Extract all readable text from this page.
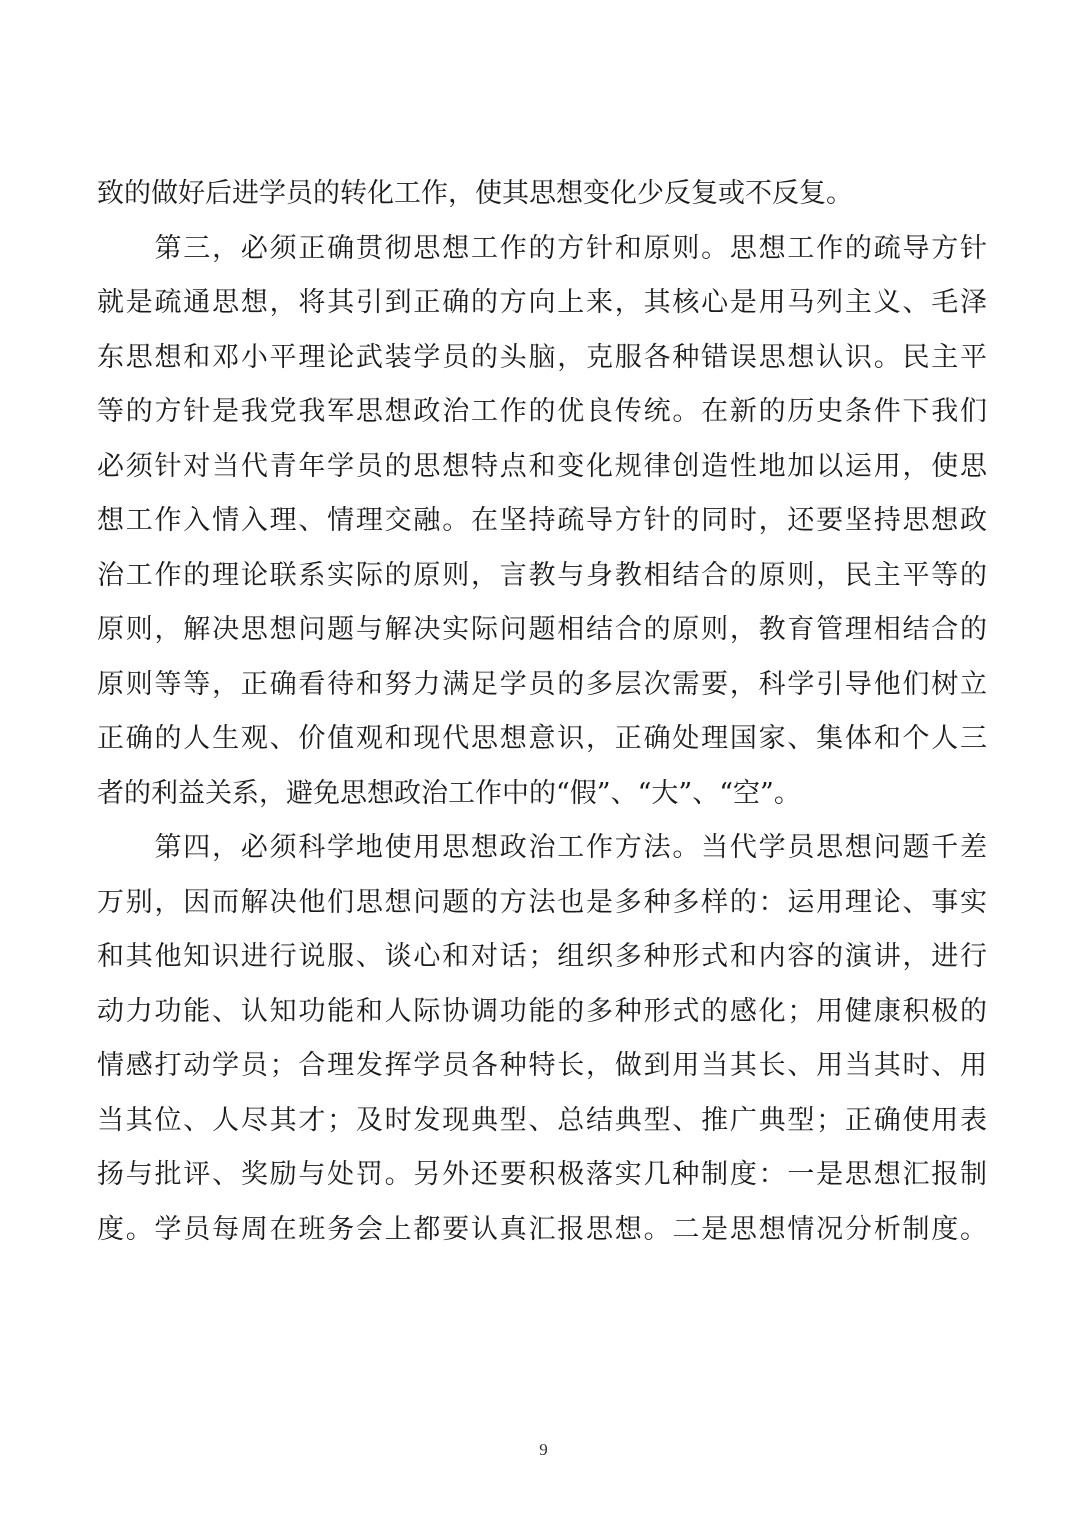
致的做好后进学员的转化工作，使其思想变化少反复或不反复。
　　第三，必须正确贯彻思想工作的方针和原则。思想工作的疏导方针
就是疏通思想，将其引到正确的方向上来，其核心是用马列主义、毛泽
东思想和邓小平理论武装学员的头脑，克服各种错误思想认识。民主平
等的方针是我党我军思想政治工作的优良传统。在新的历史条件下我们
必须针对当代青年学员的思想特点和变化规律创造性地加以运用，使思
想工作入情入理、情理交融。在坚持疏导方针的同时，还要坚持思想政
治工作的理论联系实际的原则，言教与身教相结合的原则，民主平等的
原则，解决思想问题与解决实际问题相结合的原则，教育管理相结合的
原则等等，正确看待和努力满足学员的多层次需要，科学引导他们树立
正确的人生观、价值观和现代思想意识，正确处理国家、集体和个人三
者的利益关系，避免思想政治工作中的“假”、“大”、“空”。
　　第四，必须科学地使用思想政治工作方法。当代学员思想问题千差
万别，因而解决他们思想问题的方法也是多种多样的：运用理论、事实
和其他知识进行说服、谈心和对话；组织多种形式和内容的演讲，进行
动力功能、认知功能和人际协调功能的多种形式的感化；用健康积极的
情感打动学员；合理发挥学员各种特长，做到用当其长、用当其时、用
当其位、人尽其才；及时发现典型、总结典型、推广典型；正确使用表
扬与批评、奖励与处罚。另外还要积极落实几种制度：一是思想汇报制
度。学员每周在班务会上都要认真汇报思想。二是思想情况分析制度。
9
